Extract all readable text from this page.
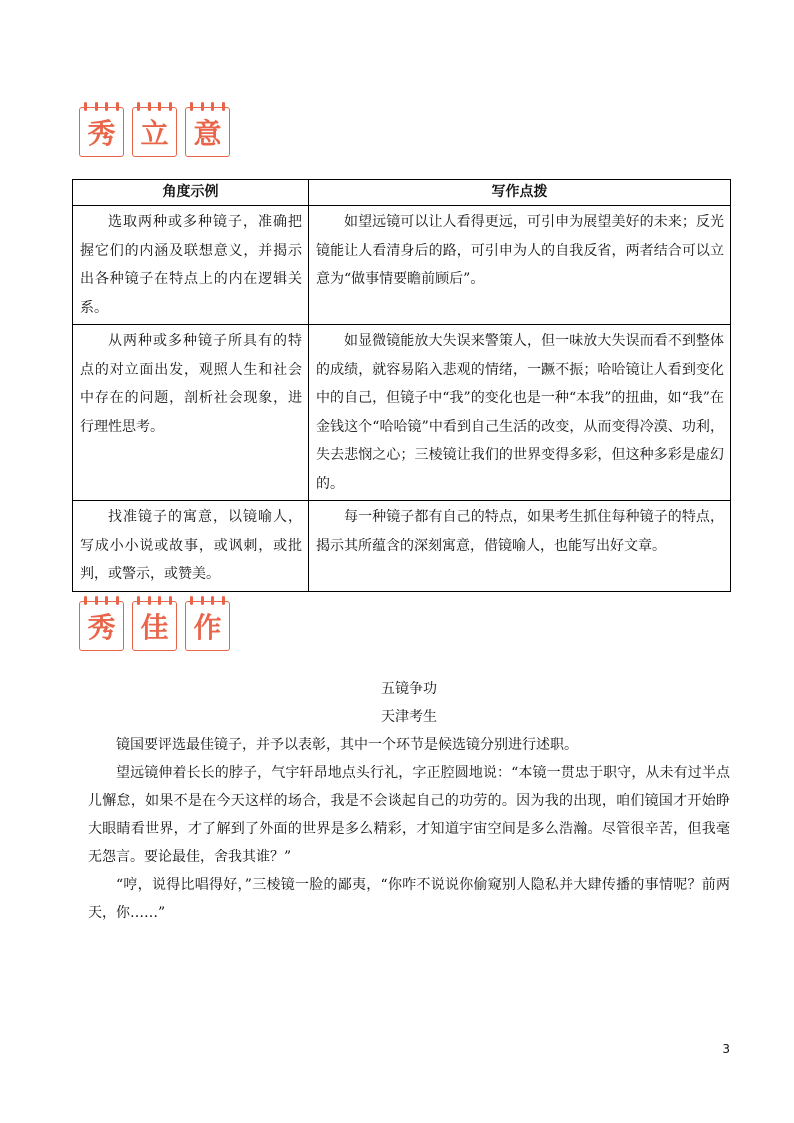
秀 立 意
角度示例	写作点拨
选取两种或多种镜子，准确把握它们的内涵及联想意义，并揭示出各种镜子在特点上的内在逻辑关系。	如望远镜可以让人看得更远，可引申为展望美好的未来；反光镜能让人看清身后的路，可引申为人的自我反省，两者结合可以立意为“做事情要瞻前顾后”。
从两种或多种镜子所具有的特点的对立面出发，观照人生和社会中存在的问题，剖析社会现象，进行理性思考。	如显微镜能放大失误来警策人，但一味放大失误而看不到整体的成绩，就容易陷入悲观的情绪，一蹶不振；哈哈镜让人看到变化中的自己，但镜子中“我”的变化也是一种“本我”的扭曲，如“我”在金钱这个“哈哈镜”中看到自己生活的改变，从而变得冷漠、功利，失去悲悯之心；三棱镜让我们的世界变得多彩，但这种多彩是虚幻的。
找准镜子的寓意，以镜喻人，写成小小说或故事，或讽刺，或批判，或警示，或赞美。	每一种镜子都有自己的特点，如果考生抓住每种镜子的特点，揭示其所蕴含的深刻寓意，借镜喻人，也能写出好文章。
秀 佳 作
五镜争功
天津考生

镜国要评选最佳镜子，并予以表彰，其中一个环节是候选镜分别进行述职。

望远镜伸着长长的脖子，气宇轩昂地点头行礼，字正腔圆地说：“本镜一贯忠于职守，从未有过半点儿懈怠，如果不是在今天这样的场合，我是不会谈起自己的功劳的。因为我的出现，咱们镜国才开始睁大眼睛看世界，才了解到了外面的世界是多么精彩，才知道宇宙空间是多么浩瀚。尽管很辛苦，但我毫无怨言。要论最佳，舍我其谁？”

“哼，说得比唱得好，”三棱镜一脸的鄙夷，“你咋不说说你偷窥别人隐私并大肆传播的事情呢？前两天，你……”

3
